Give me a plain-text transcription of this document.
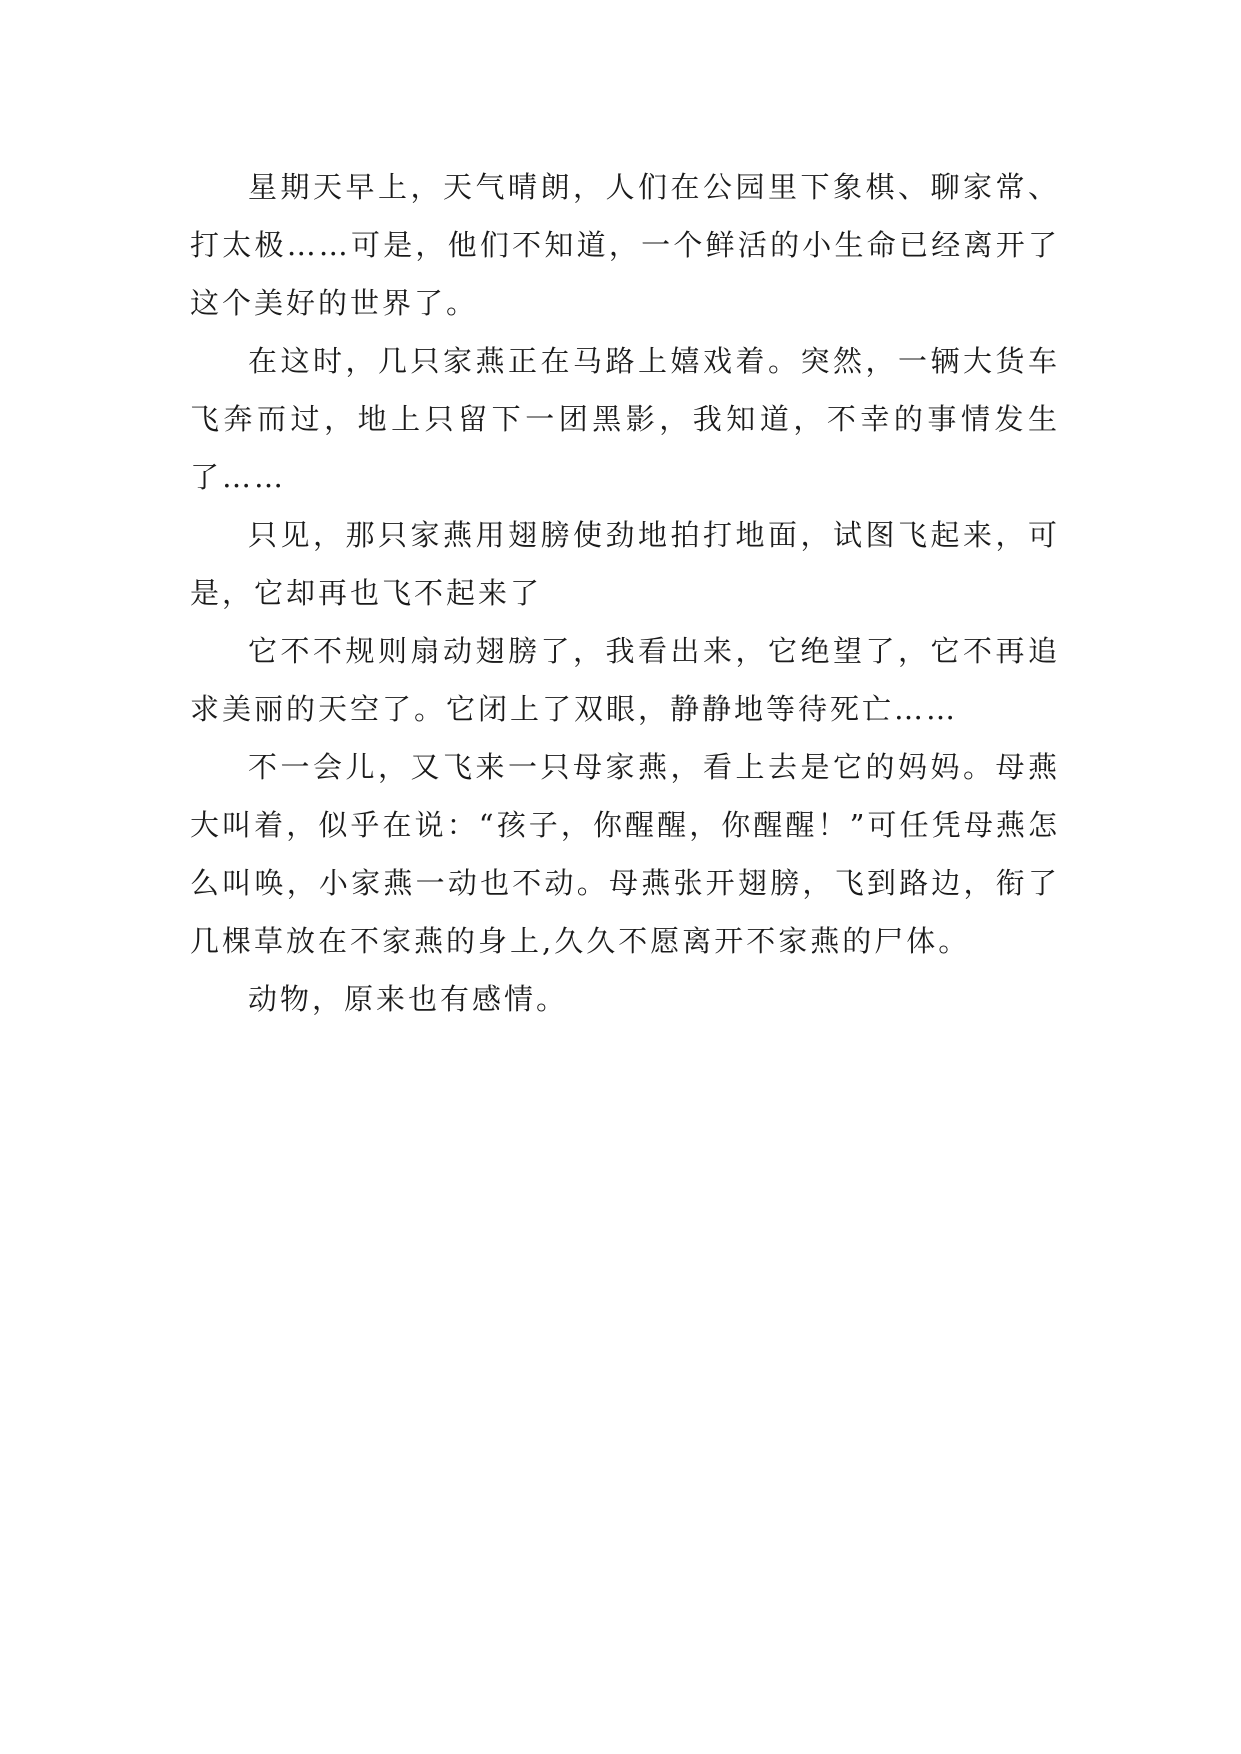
星期天早上，天气晴朗，人们在公园里下象棋、聊家常、打太极……可是，他们不知道，一个鲜活的小生命已经离开了这个美好的世界了。

在这时，几只家燕正在马路上嬉戏着。突然，一辆大货车飞奔而过，地上只留下一团黑影，我知道，不幸的事情发生了……

只见，那只家燕用翅膀使劲地拍打地面，试图飞起来，可是，它却再也飞不起来了

它不不规则扇动翅膀了，我看出来，它绝望了，它不再追求美丽的天空了。它闭上了双眼，静静地等待死亡……

不一会儿，又飞来一只母家燕，看上去是它的妈妈。母燕大叫着，似乎在说：“孩子，你醒醒，你醒醒！”可任凭母燕怎么叫唤，小家燕一动也不动。母燕张开翅膀，飞到路边，衔了几棵草放在不家燕的身上,久久不愿离开不家燕的尸体。

动物，原来也有感情。
